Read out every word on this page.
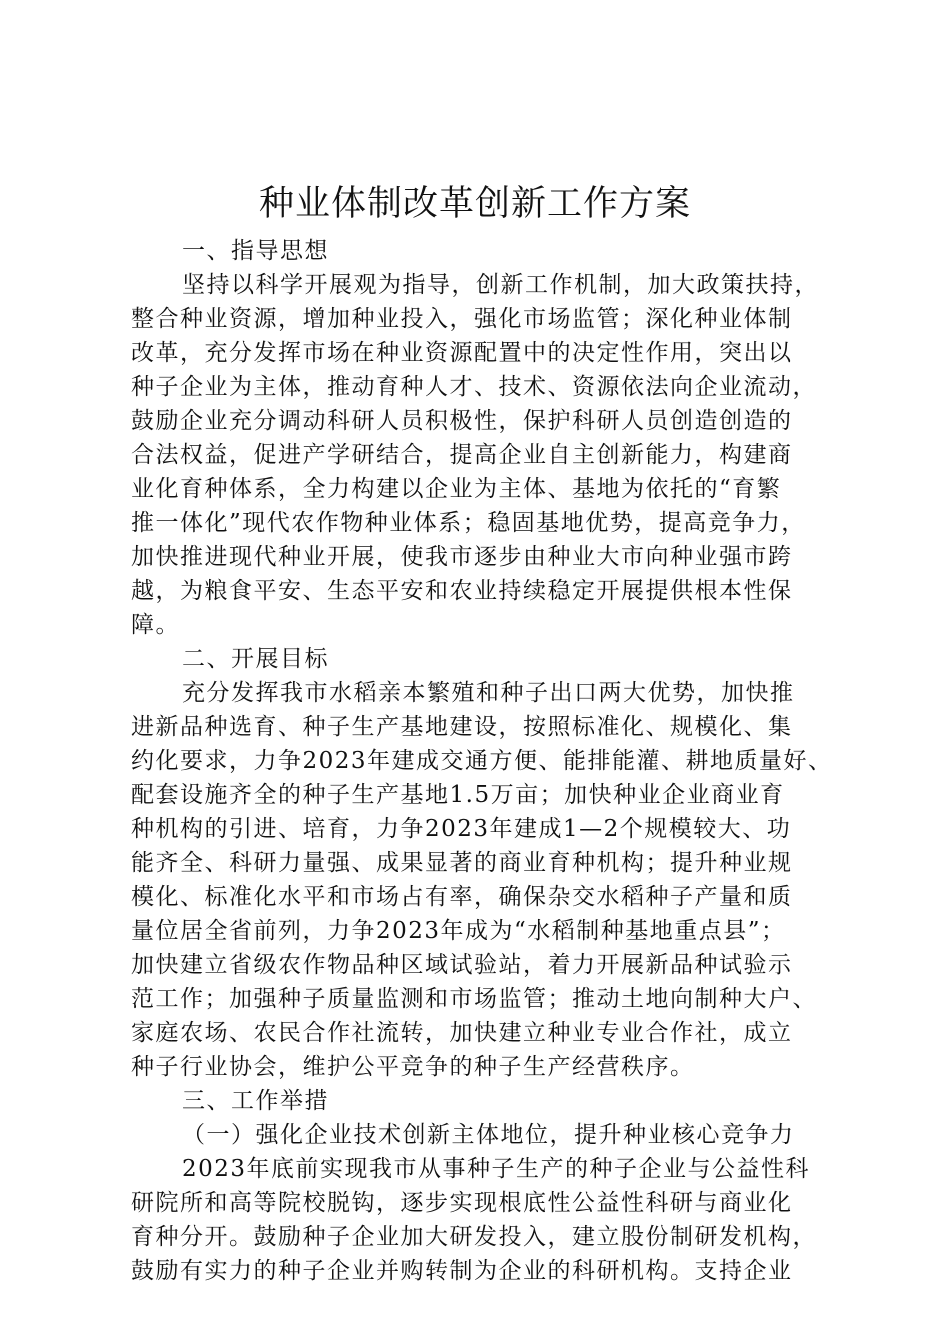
种业体制改革创新工作方案
一、指导思想
坚持以科学开展观为指导，创新工作机制，加大政策扶持，
整合种业资源，增加种业投入，强化市场监管；深化种业体制
改革，充分发挥市场在种业资源配置中的决定性作用，突出以
种子企业为主体，推动育种人才、技术、资源依法向企业流动，
鼓励企业充分调动科研人员积极性，保护科研人员创造创造的
合法权益，促进产学研结合，提高企业自主创新能力，构建商
业化育种体系，全力构建以企业为主体、基地为依托的“育繁
推一体化”现代农作物种业体系；稳固基地优势，提高竞争力，
加快推进现代种业开展，使我市逐步由种业大市向种业强市跨
越，为粮食平安、生态平安和农业持续稳定开展提供根本性保
障。
二、开展目标
充分发挥我市水稻亲本繁殖和种子出口两大优势，加快推
进新品种选育、种子生产基地建设，按照标准化、规模化、集
约化要求，力争2023年建成交通方便、能排能灌、耕地质量好、
配套设施齐全的种子生产基地1.5万亩；加快种业企业商业育
种机构的引进、培育，力争2023年建成1—2个规模较大、功
能齐全、科研力量强、成果显著的商业育种机构；提升种业规
模化、标准化水平和市场占有率，确保杂交水稻种子产量和质
量位居全省前列，力争2023年成为“水稻制种基地重点县”；
加快建立省级农作物品种区域试验站，着力开展新品种试验示
范工作；加强种子质量监测和市场监管；推动土地向制种大户、
家庭农场、农民合作社流转，加快建立种业专业合作社，成立
种子行业协会，维护公平竞争的种子生产经营秩序。
三、工作举措
（一）强化企业技术创新主体地位，提升种业核心竞争力
2023年底前实现我市从事种子生产的种子企业与公益性科
研院所和高等院校脱钩，逐步实现根底性公益性科研与商业化
育种分开。鼓励种子企业加大研发投入，建立股份制研发机构，
鼓励有实力的种子企业并购转制为企业的科研机构。支持企业
